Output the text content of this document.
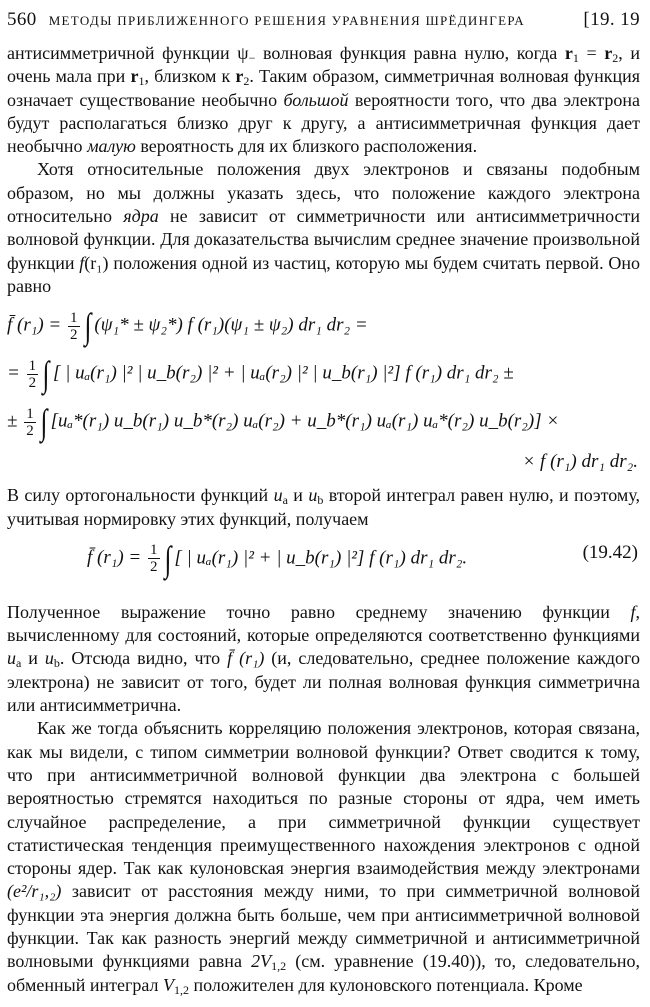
560 МЕТОДЫ ПРИБЛИЖЕННОГО РЕШЕНИЯ УРАВНЕНИЯ ШРЁДИНГЕРА	[19. 19

антисимметричной функции $\psi_-$ волновая функция равна нулю, когда $r_1 = r_2$, и очень мала при $r_1$, близком к $r_2$. Таким образом, симметричная волновая функция означает существование необычно большой вероятности того, что два электрона будут располагаться близко друг к другу, а антисимметричная функция дает необычно малую вероятность для их близкого расположения.

Хотя относительные положения двух электронов и связаны подобным образом, но мы должны указать здесь, что положение каждого электрона относительно ядра не зависит от симметричности или антисимметричности волновой функции. Для доказательства вычислим среднее значение произвольной функции f(r₁) положения одной из частиц, которую мы будем считать первой. Оно равно

f̄ $(r_1) = \frac{1}{2}$ ∫ (ψ₁* ± ψ₂*) f (r₁)(ψ₁ ± ψ₂) dr₁ dr₂ =
= $\frac{1}{2}$ ∫ [ | uₐ(r₁) |² | u_b(r₂) |² + | uₐ(r₂) |² | u_b(r₁) |²] f (r₁) dr₁ dr₂ ±
± $\frac{1}{2}$ ∫ [uₐ*(r₁) u_b(r₁) u_b*(r₂) uₐ(r₂) + u_b*(r₁) uₐ(r₁) uₐ*(r₂) u_b(r₂)] ×
× f (r₁) dr₁ dr₂.

В силу ортогональности функций $u_a$ и $u_b$ второй интеграл равен нулю, и поэтому, учитывая нормировку этих функций, получаем

f̄ $(r_1) = \frac{1}{2}$ ∫ [ | uₐ(r₁) |² + | u_b(r₁) |²] f (r₁) dr₁ dr₂.	(19.42)

Полученное выражение точно равно среднему значению функции f, вычисленному для состояний, которые определяются соответственно функциями $u_a$ и $u_b$. Отсюда видно, что f̄ (r₁) (и, следовательно, среднее положение каждого электрона) не зависит от того, будет ли полная волновая функция симметрична или антисимметрична.

Как же тогда объяснить корреляцию положения электронов, которая связана, как мы видели, с типом симметрии волновой функции? Ответ сводится к тому, что при антисимметричной волновой функции два электрона с большей вероятностью стремятся находиться по разные стороны от ядра, чем иметь случайное распределение, а при симметричной функции существует статистическая тенденция преимущественного нахождения электронов с одной стороны ядер. Так как кулоновская энергия взаимодействия между электронами (e²/r₁,₂) зависит от расстояния между ними, то при симметричной волновой функции эта энергия должна быть больше, чем при антисимметричной волновой функции. Так как разность энергий между симметричной и антисимметричной волновыми функциями равна $2V_{1,2}$ (см. уравнение (19.40)), то, следовательно, обменный интеграл $V_{1,2}$ положителен для кулоновского потенциала. Кроме
